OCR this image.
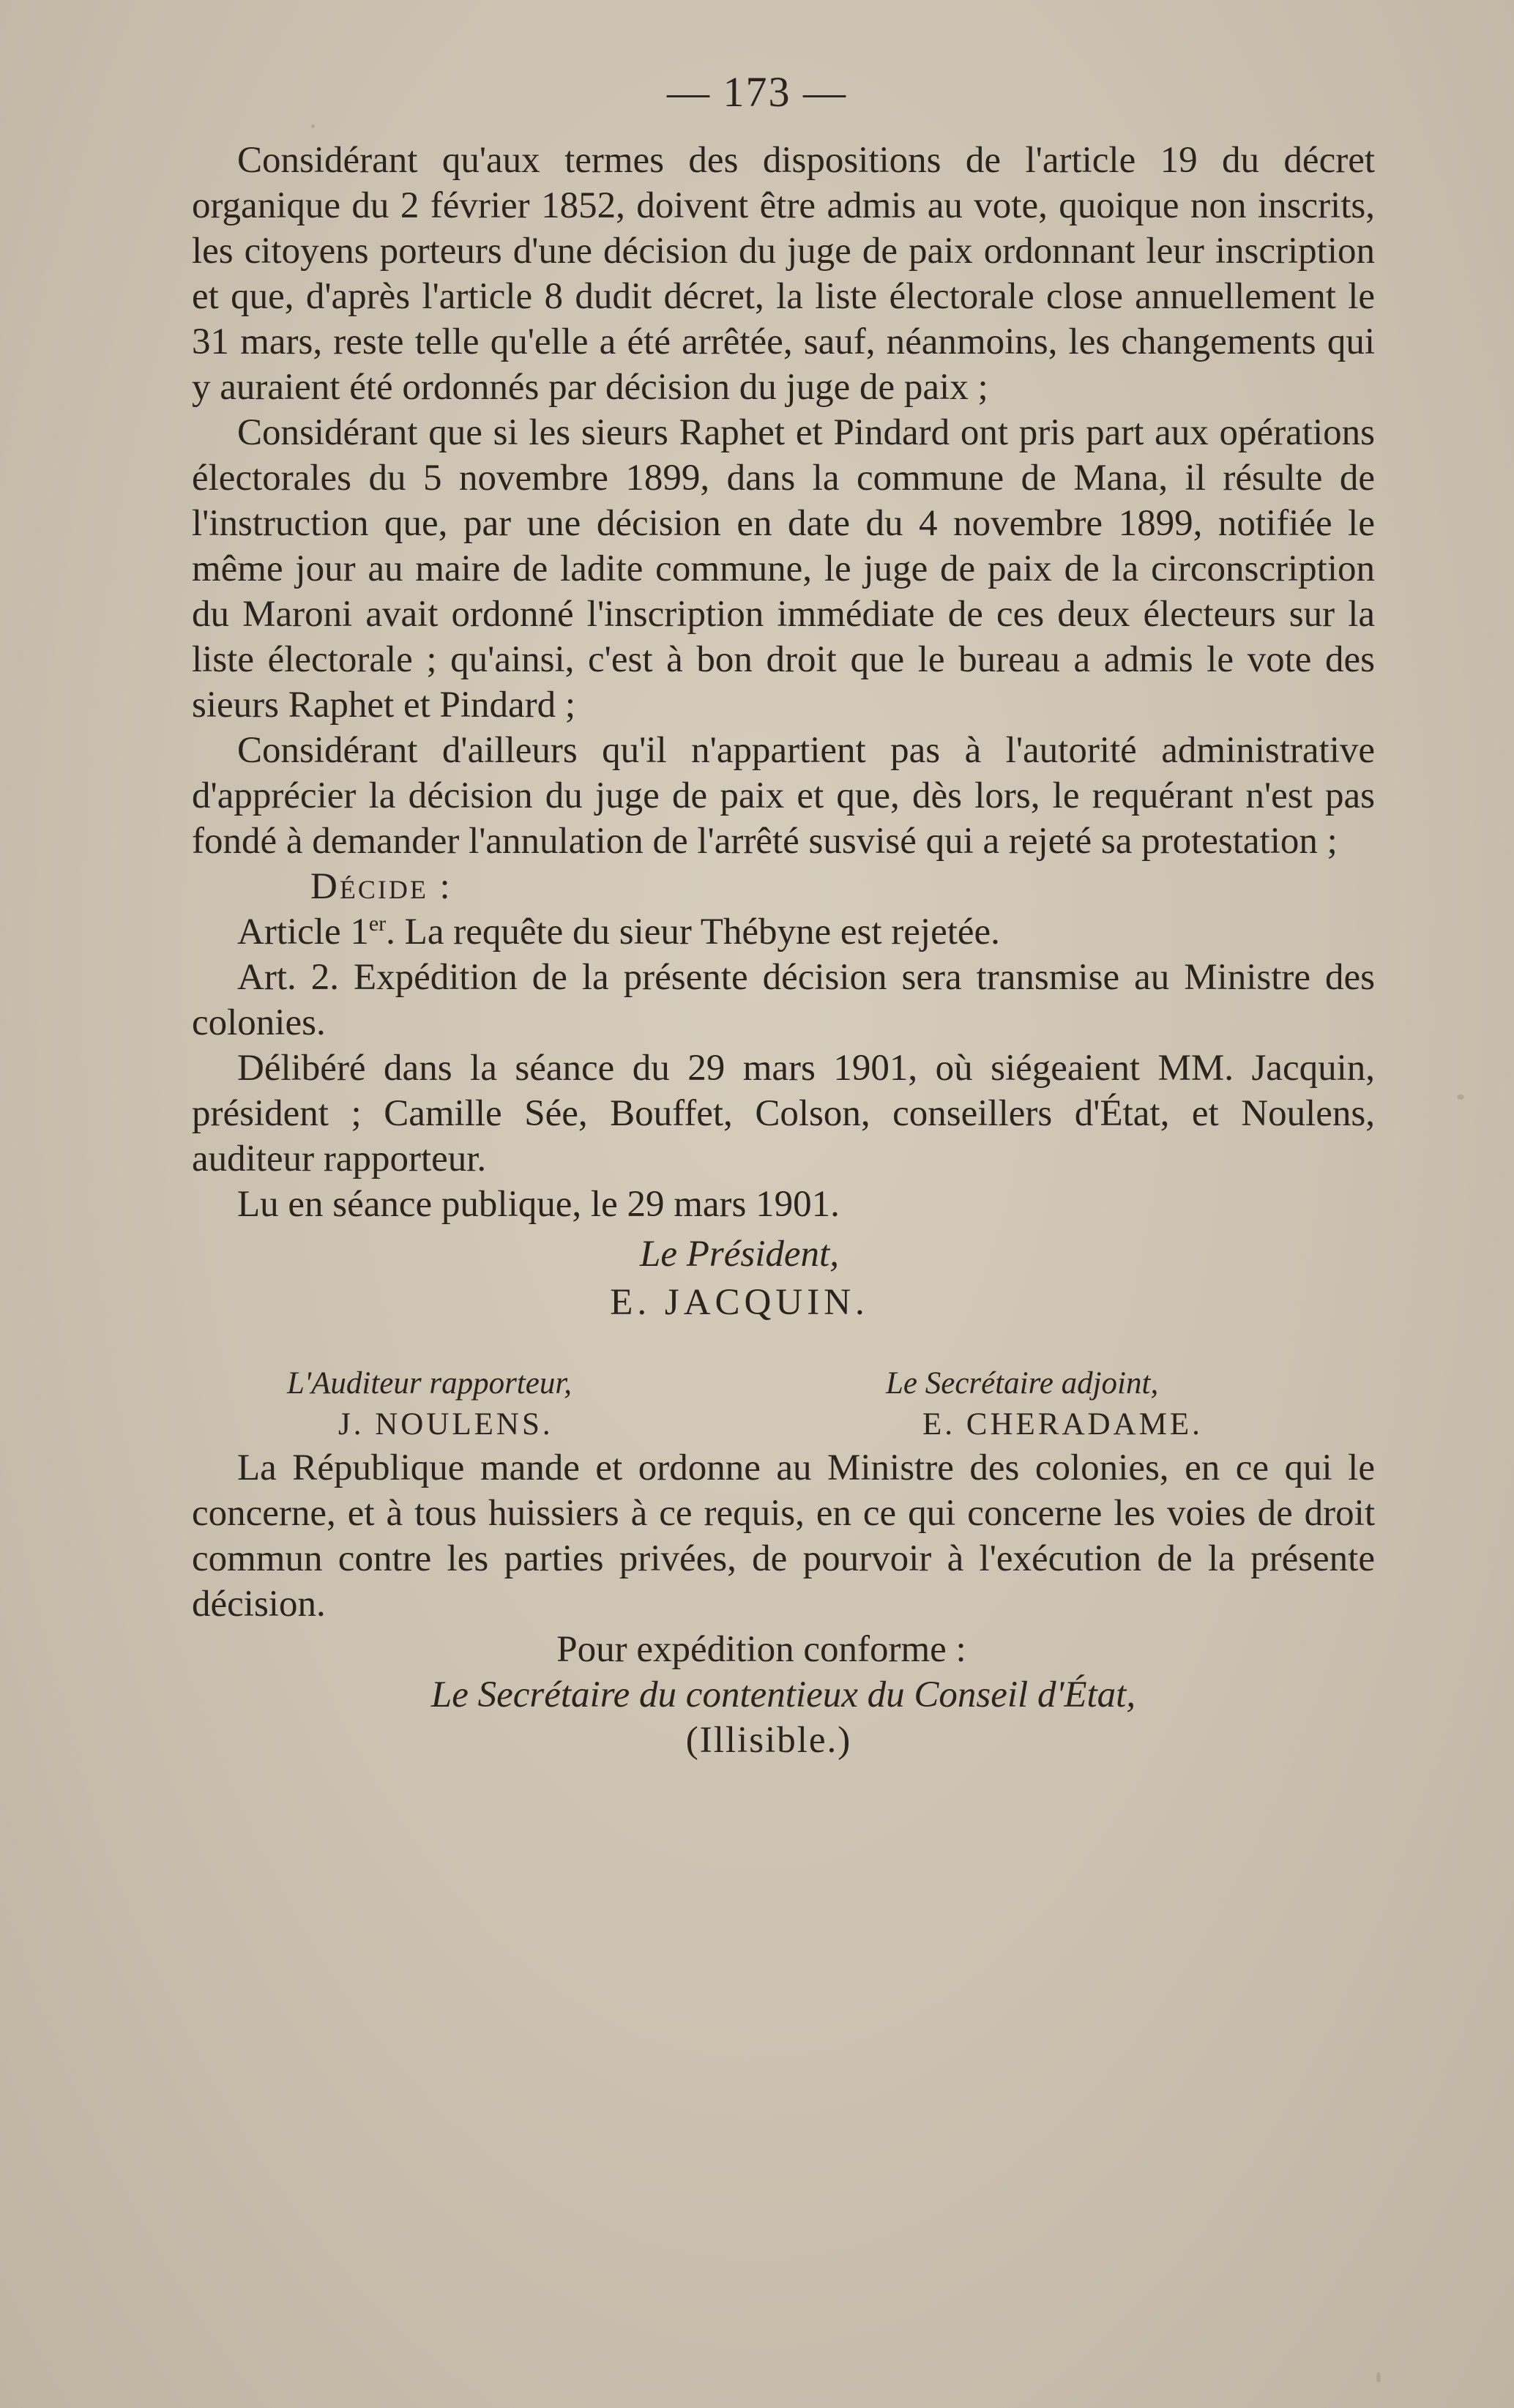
— 173 —

Considérant qu'aux termes des dispositions de l'article 19 du décret organique du 2 février 1852, doivent être admis au vote, quoique non inscrits, les citoyens porteurs d'une décision du juge de paix ordonnant leur inscription et que, d'après l'article 8 dudit décret, la liste électorale close annuellement le 31 mars, reste telle qu'elle a été arrêtée, sauf, néanmoins, les changements qui y auraient été ordonnés par décision du juge de paix ;

Considérant que si les sieurs Raphet et Pindard ont pris part aux opérations électorales du 5 novembre 1899, dans la commune de Mana, il résulte de l'instruction que, par une décision en date du 4 novembre 1899, notifiée le même jour au maire de ladite commune, le juge de paix de la circonscription du Maroni avait ordonné l'inscription immédiate de ces deux électeurs sur la liste électorale ; qu'ainsi, c'est à bon droit que le bureau a admis le vote des sieurs Raphet et Pindard ;

Considérant d'ailleurs qu'il n'appartient pas à l'autorité administrative d'apprécier la décision du juge de paix et que, dès lors, le requérant n'est pas fondé à demander l'annulation de l'arrêté susvisé qui a rejeté sa protestation ;

Décide :

Article 1er. La requête du sieur Thébyne est rejetée.

Art. 2. Expédition de la présente décision sera transmise au Ministre des colonies.

Délibéré dans la séance du 29 mars 1901, où siégeaient MM. Jacquin, président ; Camille Sée, Bouffet, Colson, conseillers d'État, et Noulens, auditeur rapporteur.

Lu en séance publique, le 29 mars 1901.

Le Président,

E. JACQUIN.

L'Auditeur rapporteur,

J. NOULENS.

Le Secrétaire adjoint,

E. CHERADAME.

La République mande et ordonne au Ministre des colonies, en ce qui le concerne, et à tous huissiers à ce requis, en ce qui concerne les voies de droit commun contre les parties privées, de pourvoir à l'exécution de la présente décision.

Pour expédition conforme :

Le Secrétaire du contentieux du Conseil d'État,

(Illisible.)
